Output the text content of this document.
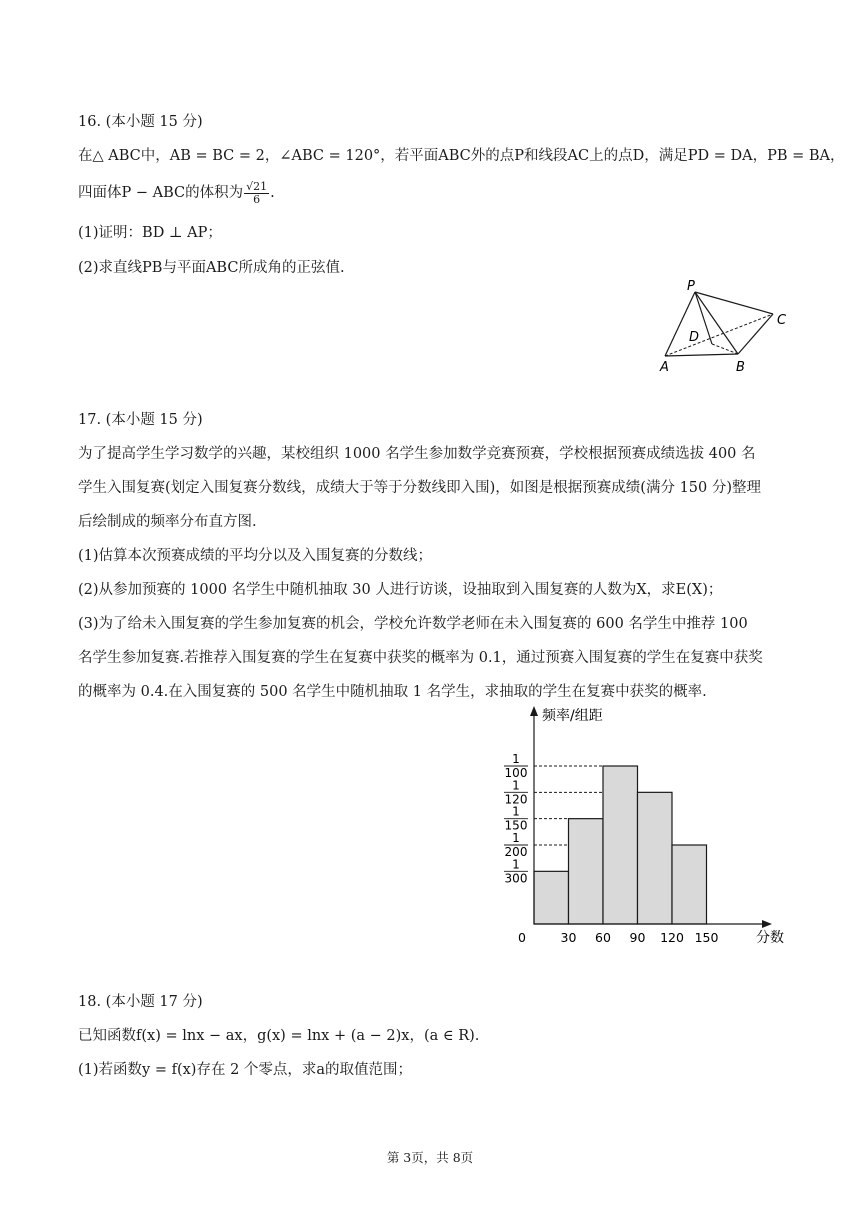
16. (本小题 15 分)
在△ ABC中，AB = BC = 2，∠ABC = 120°，若平面ABC外的点P和线段AC上的点D，满足PD = DA，PB = BA，
四面体P − ABC的体积为 $\frac{√21}{6}$ .
(1)证明：BD ⊥ AP；
(2)求直线PB与平面ABC所成角的正弦值.
P
C
D
A	B
17. (本小题 15 分)
为了提高学生学习数学的兴趣，某校组织 1000 名学生参加数学竞赛预赛，学校根据预赛成绩选拔 400 名
学生入围复赛(划定入围复赛分数线，成绩大于等于分数线即入围)，如图是根据预赛成绩(满分 150 分)整理
后绘制成的频率分布直方图.
(1)估算本次预赛成绩的平均分以及入围复赛的分数线；
(2)从参加预赛的 1000 名学生中随机抽取 30 人进行访谈，设抽取到入围复赛的人数为X，求E(X)；
(3)为了给未入围复赛的学生参加复赛的机会，学校允许数学老师在未入围复赛的 600 名学生中推荐 100
名学生参加复赛.若推荐入围复赛的学生在复赛中获奖的概率为 0.1，通过预赛入围复赛的学生在复赛中获奖
的概率为 0.4.在入围复赛的 500 名学生中随机抽取 1 名学生，求抽取的学生在复赛中获奖的概率.
频率/组距
分数
0	30 60 90 120 150
1
100
1
120
1
150
1
200
1
300
18. (本小题 17 分)
已知函数f(x) = lnx − ax，g(x) = lnx + (a − 2)x，(a ∈ R).
(1)若函数y = f(x)存在 2 个零点，求a的取值范围；
第 3页，共 8页
